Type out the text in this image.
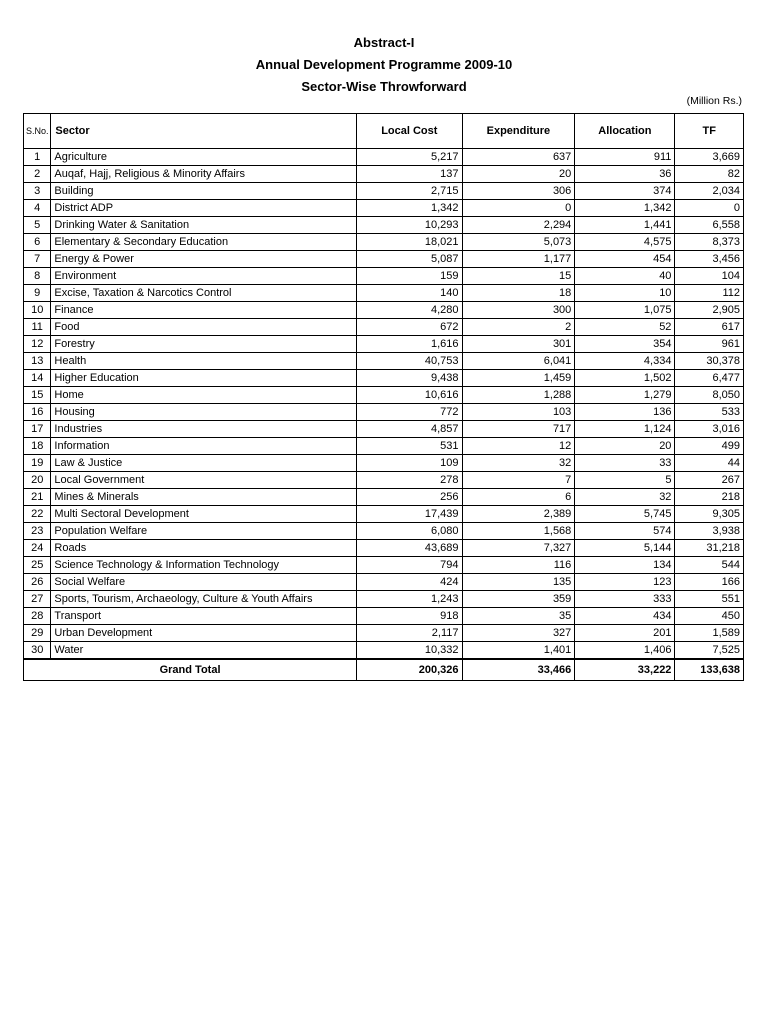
Abstract-I
Annual Development Programme 2009-10
Sector-Wise Throwforward
(Million Rs.)
S.No.	Sector	Local Cost	Expenditure	Allocation	TF
1	Agriculture	5,217	637	911	3,669
2	Auqaf, Hajj, Religious & Minority Affairs	137	20	36	82
3	Building	2,715	306	374	2,034
4	District ADP	1,342	0	1,342	0
5	Drinking Water & Sanitation	10,293	2,294	1,441	6,558
6	Elementary & Secondary Education	18,021	5,073	4,575	8,373
7	Energy & Power	5,087	1,177	454	3,456
8	Environment	159	15	40	104
9	Excise, Taxation & Narcotics Control	140	18	10	112
10	Finance	4,280	300	1,075	2,905
11	Food	672	2	52	617
12	Forestry	1,616	301	354	961
13	Health	40,753	6,041	4,334	30,378
14	Higher Education	9,438	1,459	1,502	6,477
15	Home	10,616	1,288	1,279	8,050
16	Housing	772	103	136	533
17	Industries	4,857	717	1,124	3,016
18	Information	531	12	20	499
19	Law & Justice	109	32	33	44
20	Local Government	278	7	5	267
21	Mines & Minerals	256	6	32	218
22	Multi Sectoral Development	17,439	2,389	5,745	9,305
23	Population Welfare	6,080	1,568	574	3,938
24	Roads	43,689	7,327	5,144	31,218
25	Science Technology & Information Technology	794	116	134	544
26	Social Welfare	424	135	123	166
27	Sports, Tourism, Archaeology, Culture & Youth Affairs	1,243	359	333	551
28	Transport	918	35	434	450
29	Urban Development	2,117	327	201	1,589
30	Water	10,332	1,401	1,406	7,525
Grand Total		200,326	33,466	33,222	133,638
